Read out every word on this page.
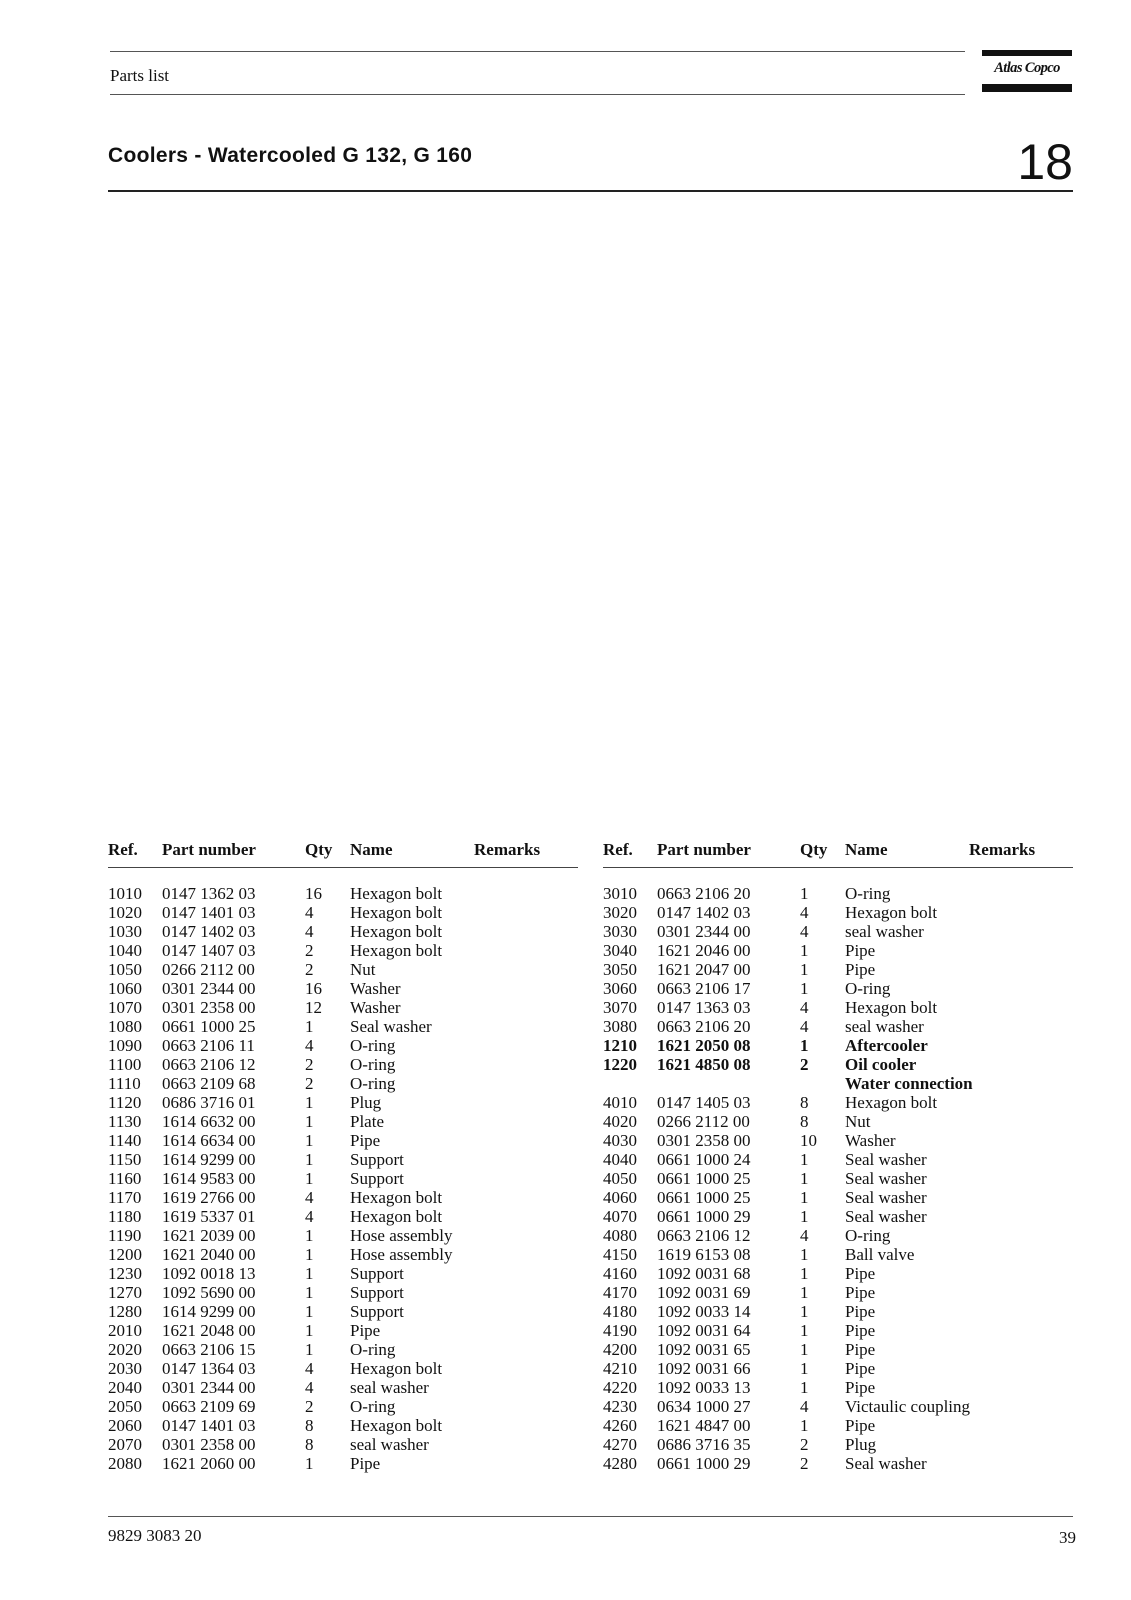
Parts list	Atlas Copco
Coolers - Watercooled G 132, G 160	18
Ref. Part number	Qty Name	Remarks
1010 0147 1362 03	16 Hexagon bolt
1020 0147 1401 03	4 Hexagon bolt
1030 0147 1402 03	4 Hexagon bolt
1040 0147 1407 03	2 Hexagon bolt
1050 0266 2112 00	2 Nut
1060 0301 2344 00	16 Washer
1070 0301 2358 00	12 Washer
1080 0661 1000 25	1 Seal washer
1090 0663 2106 11	4 O-ring
1100 0663 2106 12	2 O-ring
1110 0663 2109 68	2 O-ring
1120 0686 3716 01	1 Plug
1130 1614 6632 00	1 Plate
1140 1614 6634 00	1 Pipe
1150 1614 9299 00	1 Support
1160 1614 9583 00	1 Support
1170 1619 2766 00	4 Hexagon bolt
1180 1619 5337 01	4 Hexagon bolt
1190 1621 2039 00	1 Hose assembly
1200 1621 2040 00	1 Hose assembly
1230 1092 0018 13	1 Support
1270 1092 5690 00	1 Support
1280 1614 9299 00	1 Support
2010 1621 2048 00	1 Pipe
2020 0663 2106 15	1 O-ring
2030 0147 1364 03	4 Hexagon bolt
2040 0301 2344 00	4 seal washer
2050 0663 2109 69	2 O-ring
2060 0147 1401 03	8 Hexagon bolt
2070 0301 2358 00	8 seal washer
2080 1621 2060 00	1 Pipe
Ref. Part number	Qty Name	Remarks
3010 0663 2106 20	1 O-ring
3020 0147 1402 03	4 Hexagon bolt
3030 0301 2344 00	4 seal washer
3040 1621 2046 00	1 Pipe
3050 1621 2047 00	1 Pipe
3060 0663 2106 17	1 O-ring
3070 0147 1363 03	4 Hexagon bolt
3080 0663 2106 20	4 seal washer
1210 1621 2050 08	1 Aftercooler
1220 1621 4850 08	2 Oil cooler
Water connection
4010 0147 1405 03	8 Hexagon bolt
4020 0266 2112 00	8 Nut
4030 0301 2358 00	10 Washer
4040 0661 1000 24	1 Seal washer
4050 0661 1000 25	1 Seal washer
4060 0661 1000 25	1 Seal washer
4070 0661 1000 29	1 Seal washer
4080 0663 2106 12	4 O-ring
4150 1619 6153 08	1 Ball valve
4160 1092 0031 68	1 Pipe
4170 1092 0031 69	1 Pipe
4180 1092 0033 14	1 Pipe
4190 1092 0031 64	1 Pipe
4200 1092 0031 65	1 Pipe
4210 1092 0031 66	1 Pipe
4220 1092 0033 13	1 Pipe
4230 0634 1000 27	4 Victaulic coupling
4260 1621 4847 00	1 Pipe
4270 0686 3716 35	2 Plug
4280 0661 1000 29	2 Seal washer
9829 3083 20	39
